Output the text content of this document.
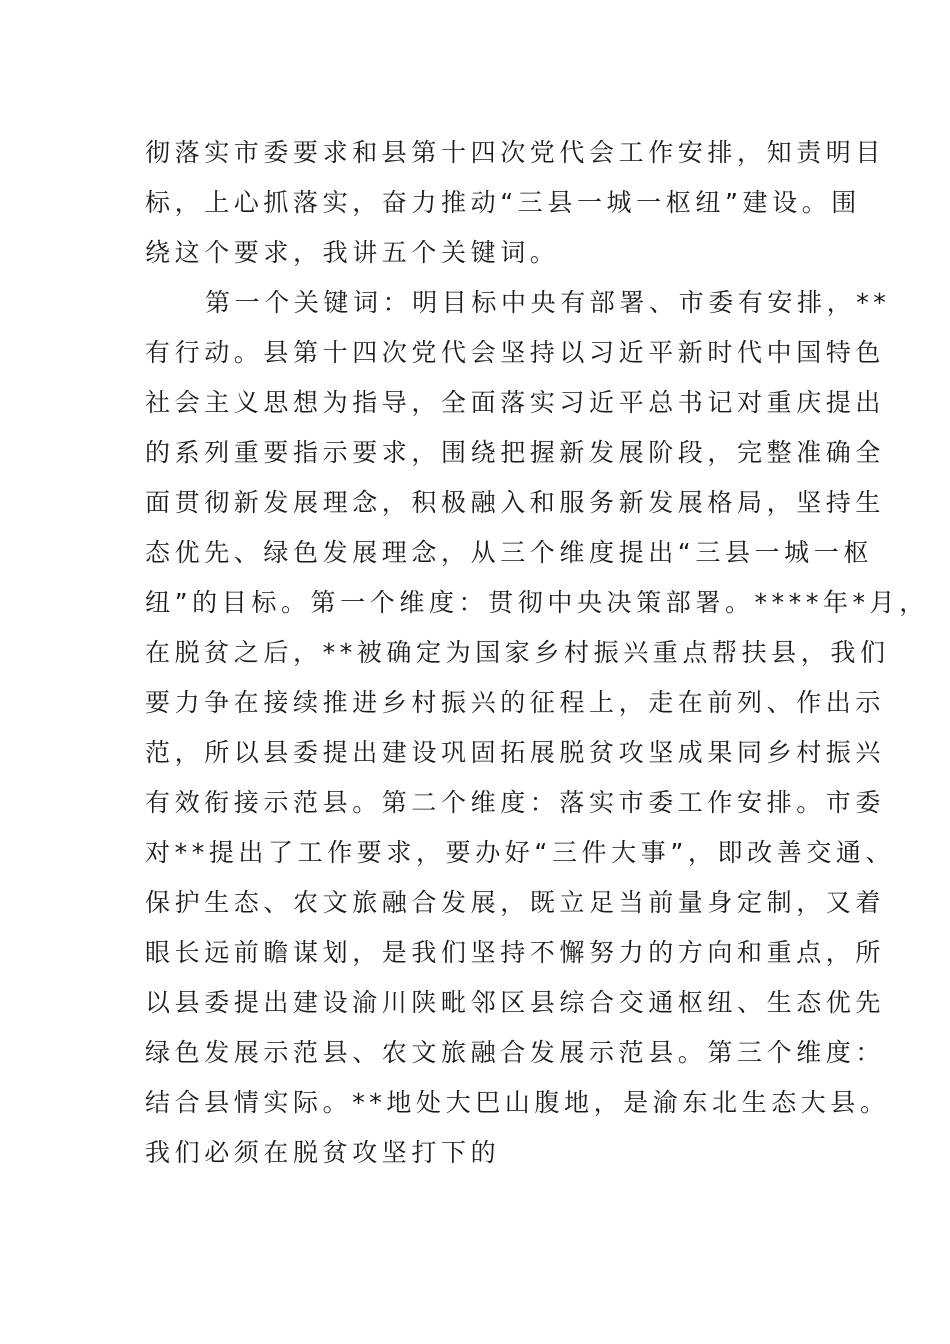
彻落实市委要求和县第十四次党代会工作安排，知责明目
标，上心抓落实，奋力推动“三县一城一枢纽”建设。围
绕这个要求，我讲五个关键词。
第一个关键词：明目标中央有部署、市委有安排，**
有行动。县第十四次党代会坚持以习近平新时代中国特色
社会主义思想为指导，全面落实习近平总书记对重庆提出
的系列重要指示要求，围绕把握新发展阶段，完整准确全
面贯彻新发展理念，积极融入和服务新发展格局，坚持生
态优先、绿色发展理念，从三个维度提出“三县一城一枢
纽”的目标。第一个维度：贯彻中央决策部署。****年*月，
在脱贫之后，**被确定为国家乡村振兴重点帮扶县，我们
要力争在接续推进乡村振兴的征程上，走在前列、作出示
范，所以县委提出建设巩固拓展脱贫攻坚成果同乡村振兴
有效衔接示范县。第二个维度：落实市委工作安排。市委
对**提出了工作要求，要办好“三件大事”，即改善交通、
保护生态、农文旅融合发展，既立足当前量身定制，又着
眼长远前瞻谋划，是我们坚持不懈努力的方向和重点，所
以县委提出建设渝川陕毗邻区县综合交通枢纽、生态优先
绿色发展示范县、农文旅融合发展示范县。第三个维度：
结合县情实际。**地处大巴山腹地，是渝东北生态大县。
我们必须在脱贫攻坚打下的
